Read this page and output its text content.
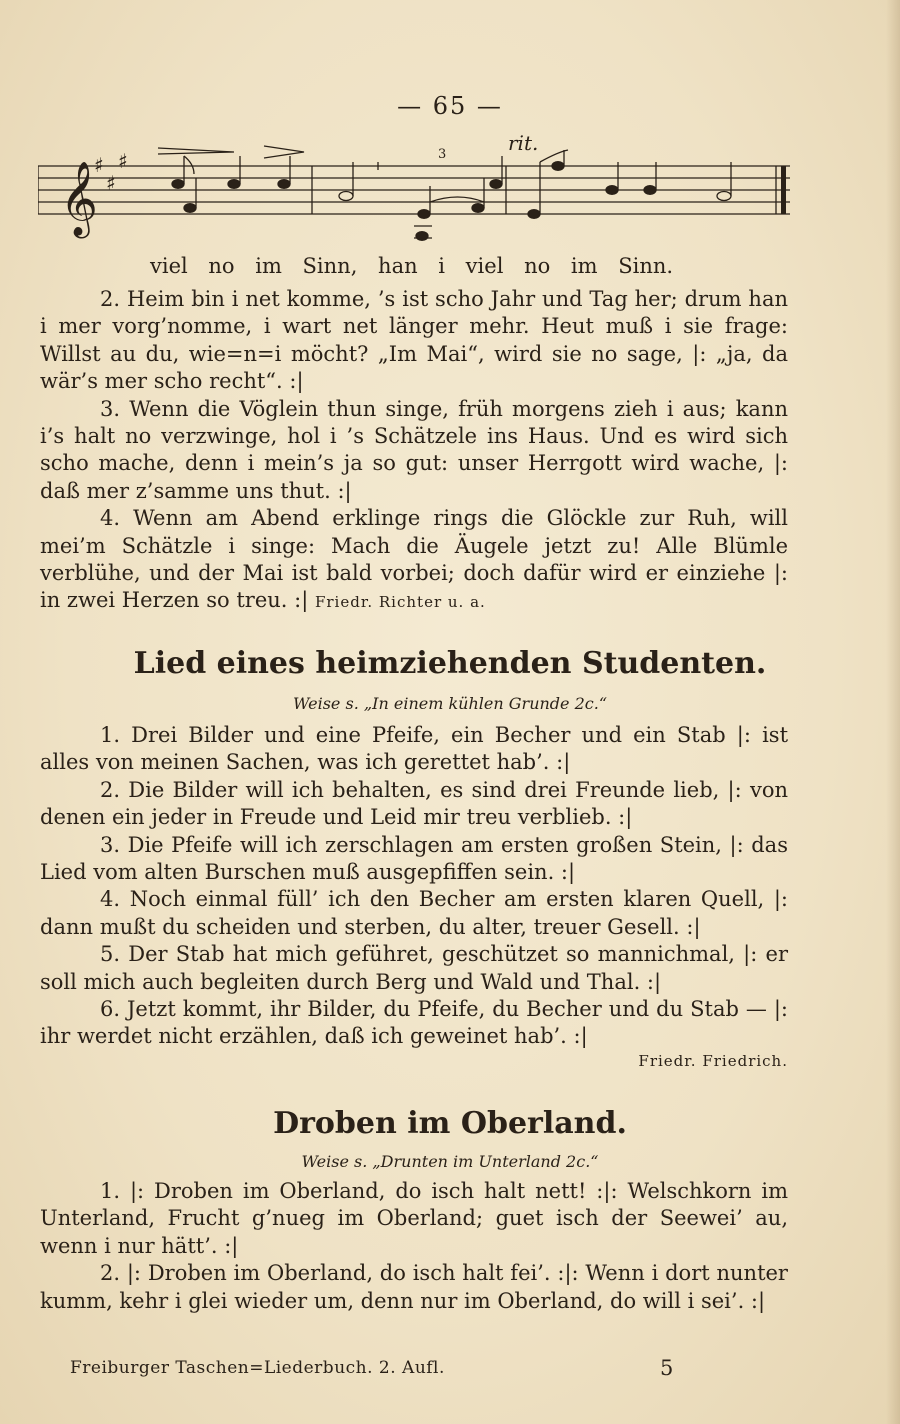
— 65 —
𝄞
♯
♯
♯	3	rit.
viel no im Sinn, han i viel no im Sinn.

2. Heim bin i net komme, ’s ist scho Jahr und Tag her; drum han i mer vorg’nomme, i wart net länger mehr. Heut muß i sie frage: Willst au du, wie=n=i möcht? „Im Mai“, wird sie no sage, |: „ja, da wär’s mer scho recht“. :|

3. Wenn die Vöglein thun singe, früh morgens zieh i aus; kann i’s halt no verzwinge, hol i ’s Schätzele ins Haus. Und es wird sich scho mache, denn i mein’s ja so gut: unser Herrgott wird wache, |: daß mer z’samme uns thut. :|

4. Wenn am Abend erklinge rings die Glöckle zur Ruh, will mei’m Schätzle i singe: Mach die Äugele jetzt zu! Alle Blümle verblühe, und der Mai ist bald vorbei; doch dafür wird er einziehe |: in zwei Herzen so treu. :| Friedr. Richter u. a.

Lied eines heimziehenden Studenten.
Weise s. „In einem kühlen Grunde 2c.“

1. Drei Bilder und eine Pfeife, ein Becher und ein Stab |: ist alles von meinen Sachen, was ich gerettet hab’. :|

2. Die Bilder will ich behalten, es sind drei Freunde lieb, |: von denen ein jeder in Freude und Leid mir treu verblieb. :|

3. Die Pfeife will ich zerschlagen am ersten großen Stein, |: das Lied vom alten Burschen muß ausgepfiffen sein. :|

4. Noch einmal füll’ ich den Becher am ersten klaren Quell, |: dann mußt du scheiden und sterben, du alter, treuer Gesell. :|

5. Der Stab hat mich geführet, geschützet so mannichmal, |: er soll mich auch begleiten durch Berg und Wald und Thal. :|

6. Jetzt kommt, ihr Bilder, du Pfeife, du Becher und du Stab — |: ihr werdet nicht erzählen, daß ich geweinet hab’. :|

Friedr. Friedrich.
Droben im Oberland.
Weise s. „Drunten im Unterland 2c.“

1. |: Droben im Oberland, do isch halt nett! :|: Welschkorn im Unterland, Frucht g’nueg im Oberland; guet isch der Seewei’ au, wenn i nur hätt’. :|

2. |: Droben im Oberland, do isch halt fei’. :|: Wenn i dort nunter kumm, kehr i glei wieder um, denn nur im Oberland, do will i sei’. :|

Freiburger Taschen=Liederbuch. 2. Aufl.	5
